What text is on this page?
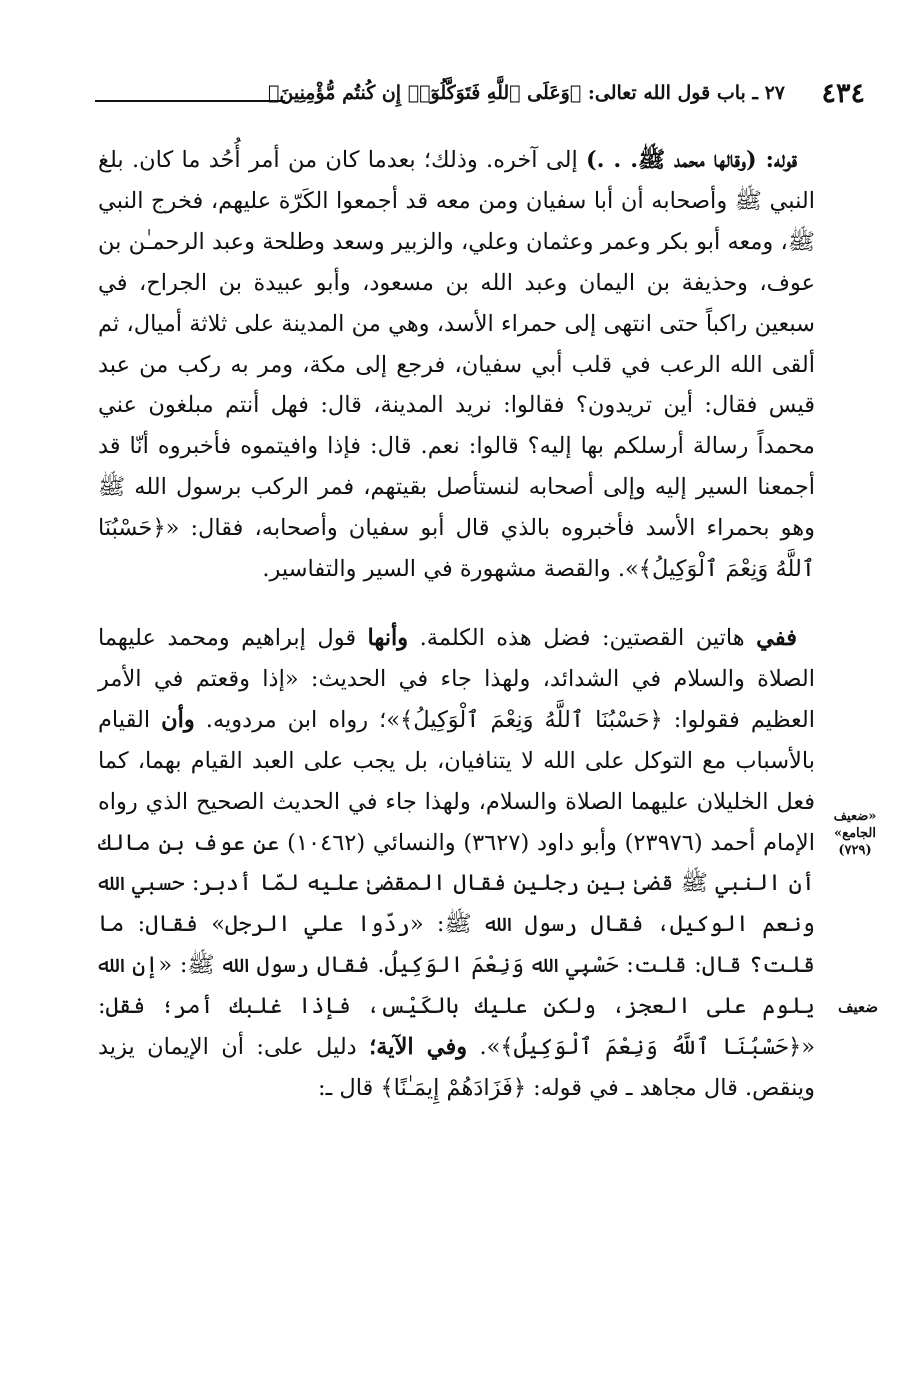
٤٣٤
٢٧ ـ باب قول الله تعالى: ﴿وَعَلَى ٱللَّهِ فَتَوَكَّلُوٓا۟ إِن كُنتُم مُّؤْمِنِينَ﴾

قوله: (وقالها محمد ﷺ. . .) إلى آخره. وذلك؛ بعدما كان من أمر أُحُد ما كان. بلغ النبي ﷺ وأصحابه أن أبا سفيان ومن معه قد أجمعوا الكَرّة عليهم، فخرج النبي ﷺ، ومعه أبو بكر وعمر وعثمان وعلي، والزبير وسعد وطلحة وعبد الرحمـٰن بن عوف، وحذيفة بن اليمان وعبد الله بن مسعود، وأبو عبيدة بن الجراح، في سبعين راكباً حتى انتهى إلى حمراء الأسد، وهي من المدينة على ثلاثة أميال، ثم ألقى الله الرعب في قلب أبي سفيان، فرجع إلى مكة، ومر به ركب من عبد قيس فقال: أين تريدون؟ فقالوا: نريد المدينة، قال: فهل أنتم مبلغون عني محمداً رسالة أرسلكم بها إليه؟ قالوا: نعم. قال: فإذا وافيتموه فأخبروه أنّا قد أجمعنا السير إليه وإلى أصحابه لنستأصل بقيتهم، فمر الركب برسول الله ﷺ وهو بحمراء الأسد فأخبروه بالذي قال أبو سفيان وأصحابه، فقال: «﴿حَسْبُنَا ٱللَّهُ وَنِعْمَ ٱلْوَكِيلُ﴾». والقصة مشهورة في السير والتفاسير.

ففي هاتين القصتين: فضل هذه الكلمة. وأنها قول إبراهيم ومحمد عليهما الصلاة والسلام في الشدائد، ولهذا جاء في الحديث: «إذا وقعتم في الأمر العظيم فقولوا: ﴿حَسْبُنَا ٱللَّهُ وَنِعْمَ ٱلْوَكِيلُ﴾»؛ رواه ابن مردويه. وأن القيام بالأسباب مع التوكل على الله لا يتنافيان، بل يجب على العبد القيام بهما، كما فعل الخليلان عليهما الصلاة والسلام، ولهذا جاء في الحديث الصحيح الذي رواه الإمام أحمد (٢٣٩٧٦) وأبو داود (٣٦٢٧) والنسائي (١٠٤٦٢) عن عوف بن مالك أن النبي ﷺ قضىٰ بين رجلين فقال المقضىٰ عليه لمّا أدبر: حسبي الله ونعم الوكيل، فقال رسول الله ﷺ: «ردّوا علي الرجل» فقال: ما قلت؟ قال: قلت: حَسْبِي الله وَنِعْمَ الوَكِيلُ. فقال رسول الله ﷺ: «إن الله يلوم على العجز، ولكن عليك بالكَيْس، فإذا غلبك أمر؛ فقل: «﴿حَسْبُنَا ٱللَّهُ وَنِعْمَ ٱلْوَكِيلُ﴾». وفي الآية؛ دليل على: أن الإيمان يزيد وينقص. قال مجاهد ـ في قوله: ﴿فَزَادَهُمْ إِيمَـٰنًا﴾ قال ـ:

«ضعيف
الجامع»
(٧٢٩)
ضعيف
